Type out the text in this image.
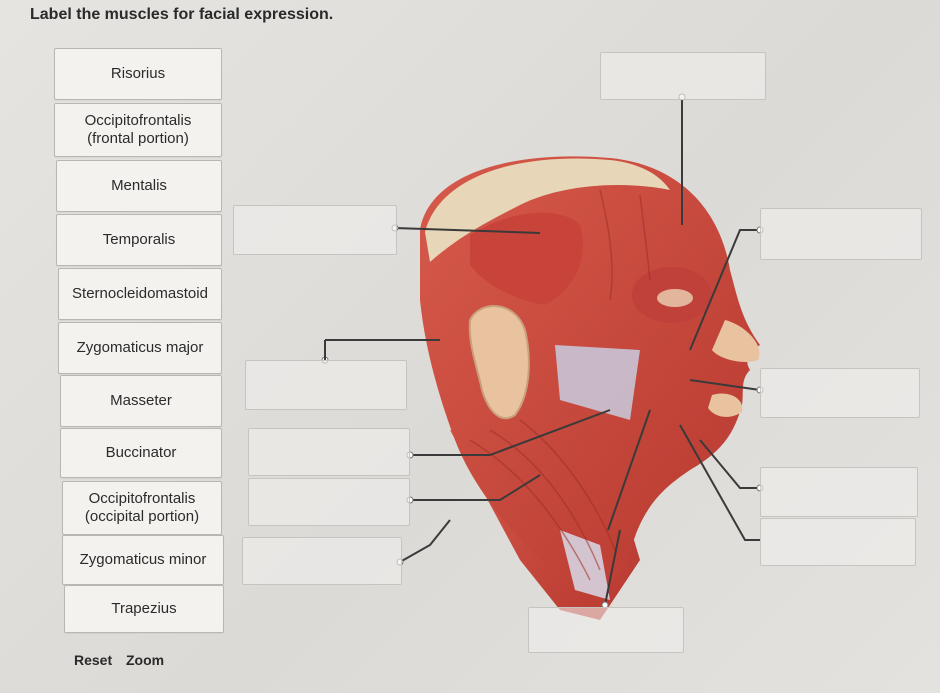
Label the muscles for facial expression.
Risorius
Occipitofrontalis
(frontal portion)
Mentalis
Temporalis
Sternocleidomastoid
Zygomaticus major
Masseter
Buccinator
Occipitofrontalis
(occipital portion)
Zygomaticus minor
Trapezius
Reset Zoom
